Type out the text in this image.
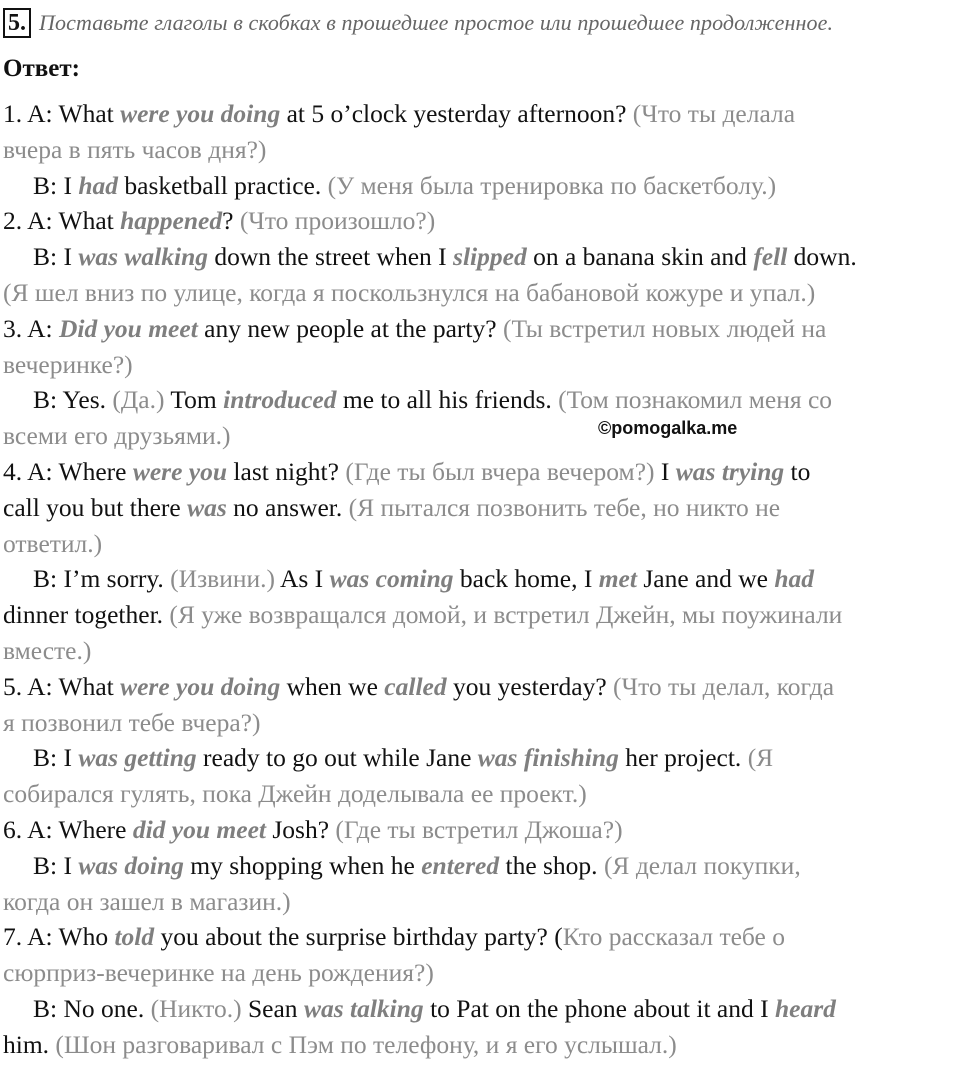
5. Поставьте глаголы в скобках в прошедшее простое или прошедшее продолженное.
Ответ:
1. A: What were you doing at 5 o’clock yesterday afternoon? (Что ты делала
вчера в пять часов дня?)
B: I had basketball practice. (У меня была тренировка по баскетболу.)
2. A: What happened? (Что произошло?)
B: I was walking down the street when I slipped on a banana skin and fell down.
(Я шел вниз по улице, когда я поскользнулся на бабановой кожуре и упал.)
3. A: Did you meet any new people at the party? (Ты встретил новых людей на
вечеринке?)
B: Yes. (Да.) Tom introduced me to all his friends. (Том познакомил меня со
всеми его друзьями.)
4. A: Where were you last night? (Где ты был вчера вечером?) I was trying to
call you but there was no answer. (Я пытался позвонить тебе, но никто не
ответил.)
B: I’m sorry. (Извини.) As I was coming back home, I met Jane and we had
dinner together. (Я уже возвращался домой, и встретил Джейн, мы поужинали
вместе.)
5. A: What were you doing when we called you yesterday? (Что ты делал, когда
я позвонил тебе вчера?)
B: I was getting ready to go out while Jane was finishing her project. (Я
собирался гулять, пока Джейн доделывала ее проект.)
6. A: Where did you meet Josh? (Где ты встретил Джоша?)
B: I was doing my shopping when he entered the shop. (Я делал покупки,
когда он зашел в магазин.)
7. A: Who told you about the surprise birthday party? (Кто рассказал тебе о
сюрприз-вечеринке на день рождения?)
B: No one. (Никто.) Sean was talking to Pat on the phone about it and I heard
him. (Шон разговаривал с Пэм по телефону, и я его услышал.)
©pomogalka.me
